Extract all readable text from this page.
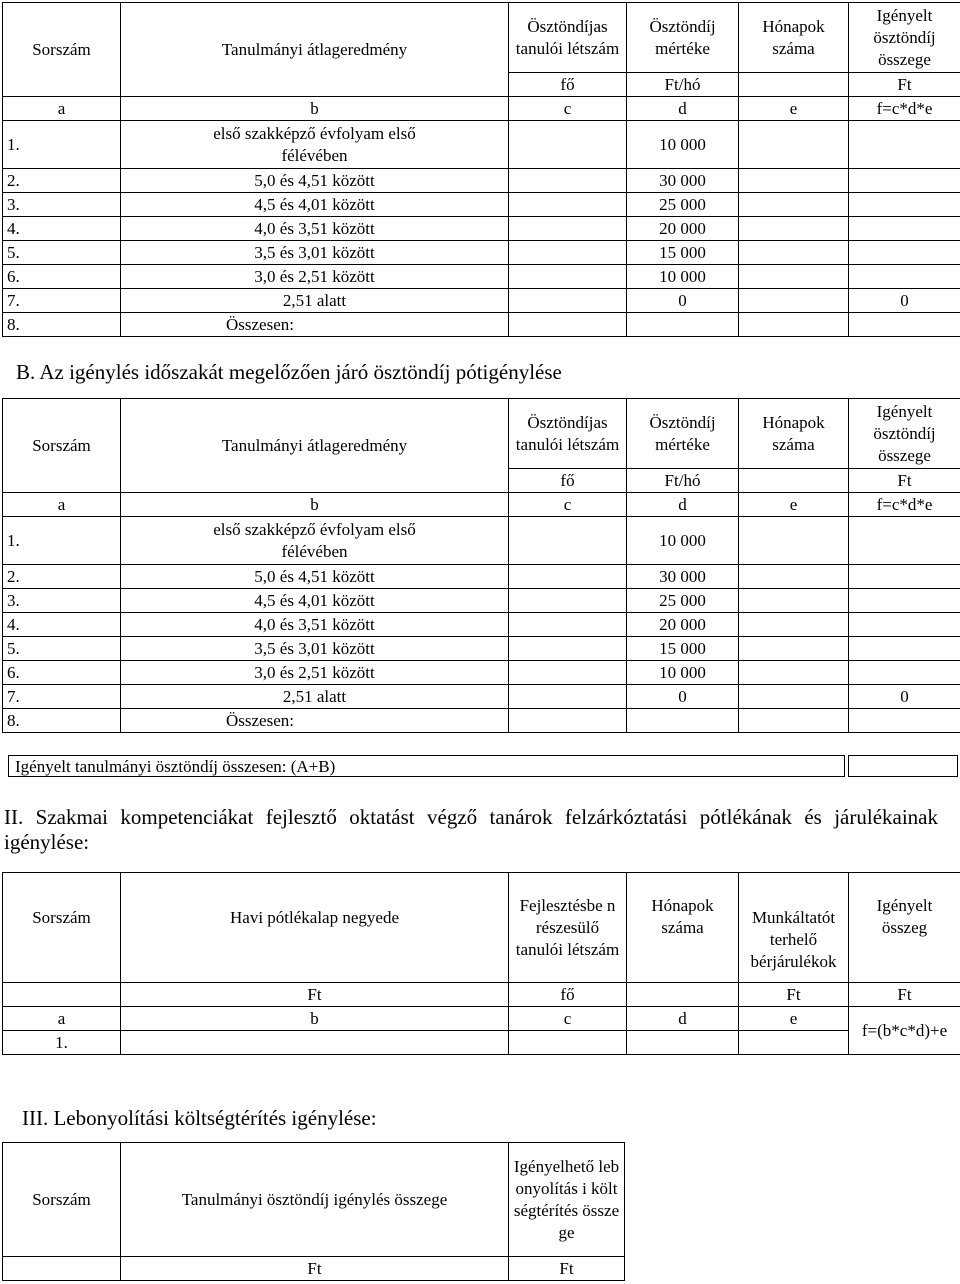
Sorszám	Tanulmányi átlageredmény	Ösztöndíjas tanulói létszám	Ösztöndíj mértéke	Hónapok száma	Igényelt ösztöndíj összege
		fő	Ft/hó		Ft
a	b	c	d	e	f=c*d*e
1.	első szakképző évfolyam első félévében		10 000		
2.	5,0 és 4,51 között		30 000		
3.	4,5 és 4,01 között		25 000		
4.	4,0 és 3,51 között		20 000		
5.	3,5 és 3,01 között		15 000		
6.	3,0 és 2,51 között		10 000		
7.	2,51 alatt		0		0
8.	Összesen:				
B. Az igénylés időszakát megelőzően járó ösztöndíj pótigénylése
Sorszám	Tanulmányi átlageredmény	Ösztöndíjas tanulói létszám	Ösztöndíj mértéke	Hónapok száma	Igényelt ösztöndíj összege
		fő	Ft/hó		Ft
a	b	c	d	e	f=c*d*e
1.	első szakképző évfolyam első félévében		10 000		
2.	5,0 és 4,51 között		30 000		
3.	4,5 és 4,01 között		25 000		
4.	4,0 és 3,51 között		20 000		
5.	3,5 és 3,01 között		15 000		
6.	3,0 és 2,51 között		10 000		
7.	2,51 alatt		0		0
8.	Összesen:				
Igényelt tanulmányi ösztöndíj összesen: (A+B)
II. Szakmai kompetenciákat fejlesztő oktatást végző tanárok felzárkóztatási pótlékának és járulékainak igénylése:
Sorszám	Havi pótlékalap negyede	Fejlesztésbe n részesülő tanulói létszám	Hónapok száma	Munkáltatót terhelő bérjárulékok	Igényelt összeg
	Ft	fő		Ft	Ft
a	b	c	d	e	f=(b*c*d)+e
1.					
III. Lebonyolítási költségtérítés igénylése:
Sorszám	Tanulmányi ösztöndíj igénylés összege	Igényelhető lebonyolítás i költségtérítés összege
	Ft	Ft
